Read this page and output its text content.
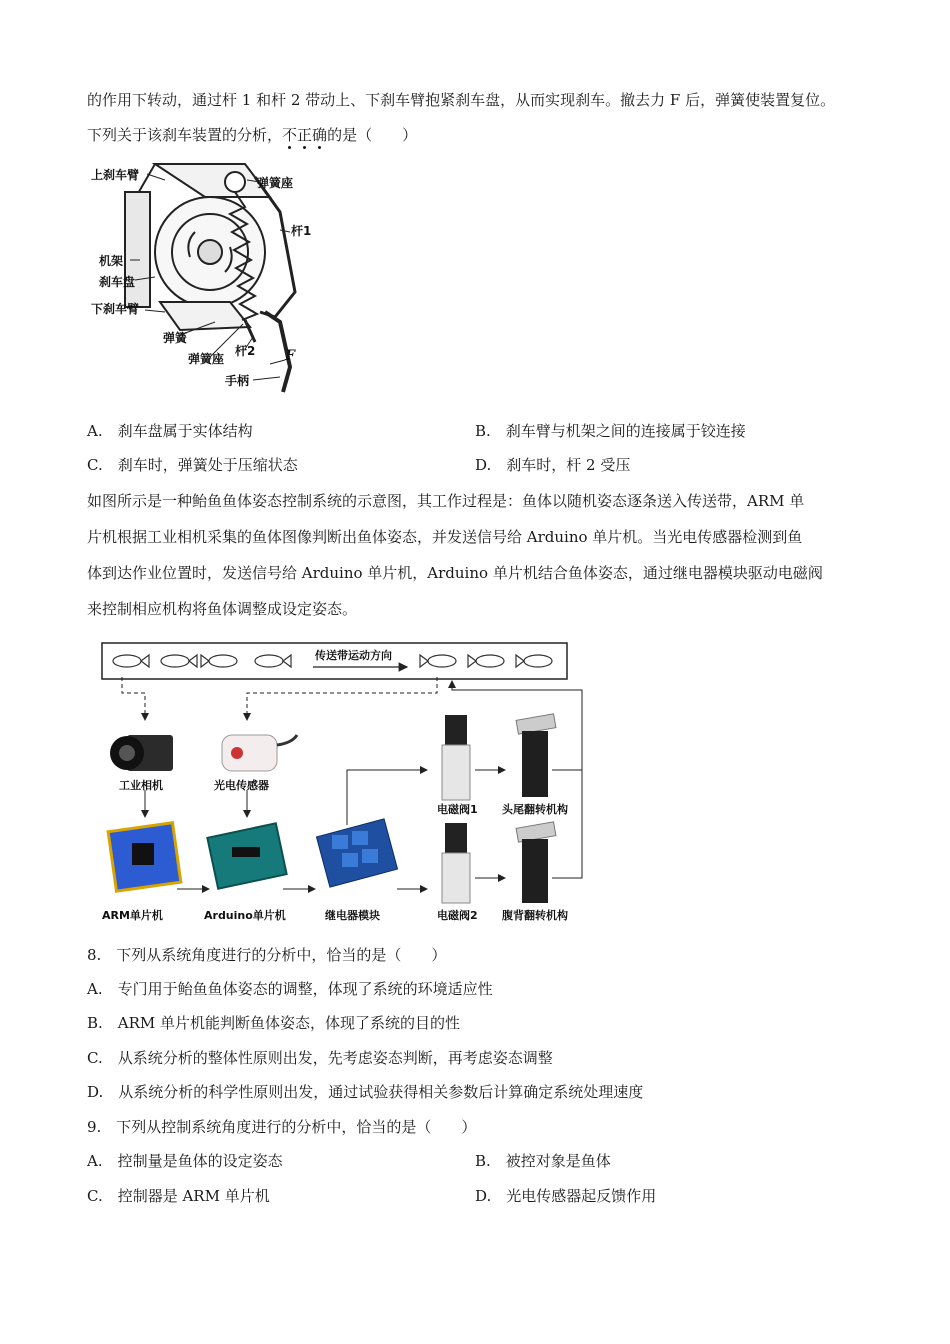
的作用下转动，通过杆 1 和杆 2 带动上、下刹车臂抱紧刹车盘，从而实现刹车。撤去力 F 后，弹簧使装置复位。
下列关于该刹车装置的分析，不正确的是（　　）
上刹车臂
弹簧座
杆1
机架
刹车盘
下刹车臂
弹簧
杆2
弹簧座	F
手柄
A.　刹车盘属于实体结构	B.　刹车臂与机架之间的连接属于铰连接
C.　刹车时，弹簧处于压缩状态	D.　刹车时，杆 2 受压
如图所示是一种鲐鱼鱼体姿态控制系统的示意图，其工作过程是：鱼体以随机姿态逐条送入传送带，ARM 单
片机根据工业相机采集的鱼体图像判断出鱼体姿态，并发送信号给 Arduino 单片机。当光电传感器检测到鱼
体到达作业位置时，发送信号给 Arduino 单片机，Arduino 单片机结合鱼体姿态，通过继电器模块驱动电磁阀
来控制相应机构将鱼体调整成设定姿态。
传送带运动方向
工业相机	光电传感器
ARM单片机	Arduino单片机	继电器模块
电磁阀1
电磁阀2
头尾翻转机构
腹背翻转机构
8.　下列从系统角度进行的分析中，恰当的是（　　）
A.　专门用于鲐鱼鱼体姿态的调整，体现了系统的环境适应性
B.　ARM 单片机能判断鱼体姿态，体现了系统的目的性
C.　从系统分析的整体性原则出发，先考虑姿态判断，再考虑姿态调整
D.　从系统分析的科学性原则出发，通过试验获得相关参数后计算确定系统处理速度
9.　下列从控制系统角度进行的分析中，恰当的是（　　）
A.　控制量是鱼体的设定姿态	B.　被控对象是鱼体
C.　控制器是 ARM 单片机	D.　光电传感器起反馈作用
